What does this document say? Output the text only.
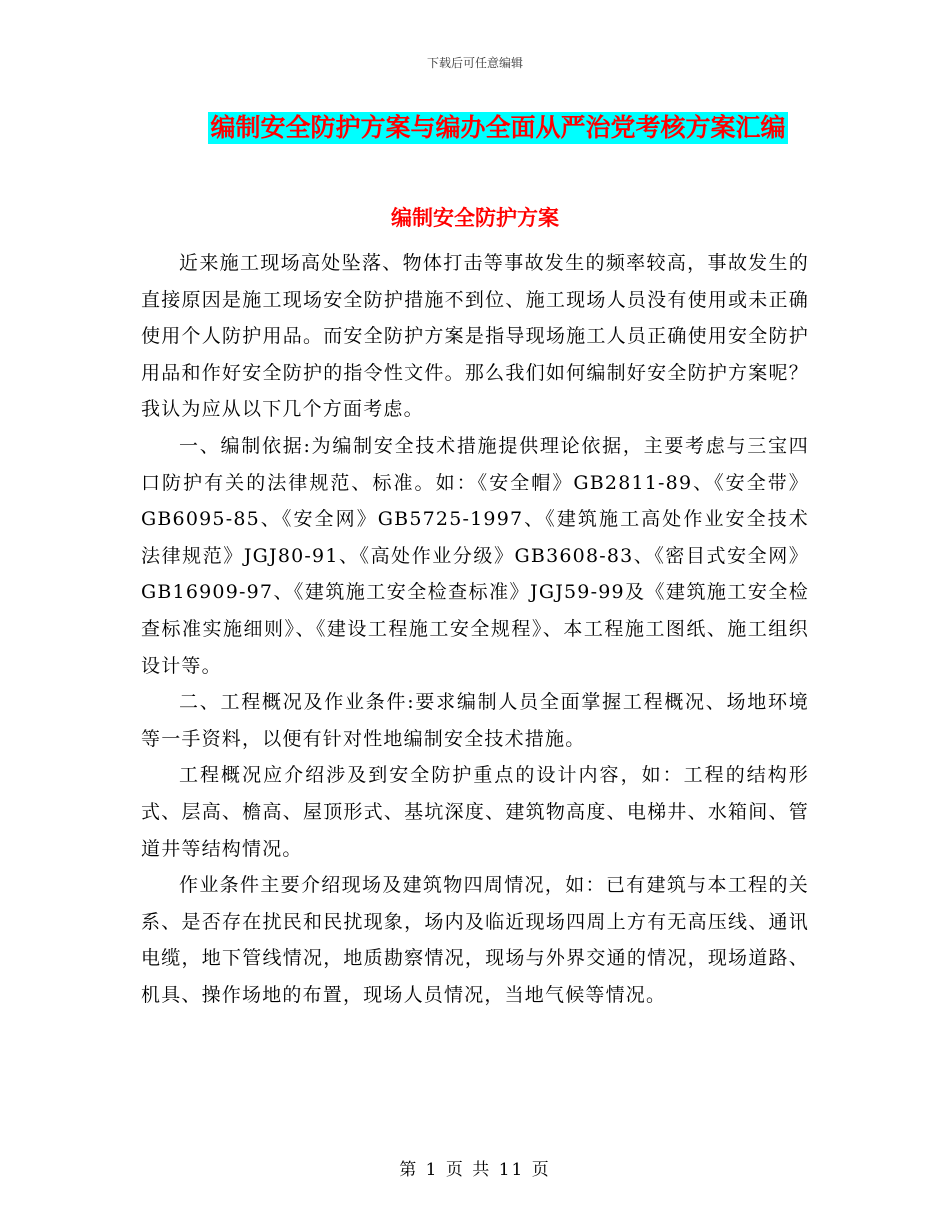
下载后可任意编辑
编制安全防护方案与编办全面从严治党考核方案汇编
编制安全防护方案

近来施工现场高处坠落、物体打击等事故发生的频率较高，事故发生的直接原因是施工现场安全防护措施不到位、施工现场人员没有使用或未正确使用个人防护用品。而安全防护方案是指导现场施工人员正确使用安全防护用品和作好安全防护的指令性文件。那么我们如何编制好安全防护方案呢？我认为应从以下几个方面考虑。

一、编制依据:为编制安全技术措施提供理论依据，主要考虑与三宝四口防护有关的法律规范、标准。如：《安全帽》GB2811-89、《安全带》GB6095-85、《安全网》GB5725-1997、《建筑施工高处作业安全技术法律规范》JGJ80-91、《高处作业分级》GB3608-83、《密目式安全网》GB16909-97、《建筑施工安全检查标准》JGJ59-99及《建筑施工安全检查标准实施细则》、《建设工程施工安全规程》、本工程施工图纸、施工组织设计等。

二、工程概况及作业条件:要求编制人员全面掌握工程概况、场地环境等一手资料，以便有针对性地编制安全技术措施。

工程概况应介绍涉及到安全防护重点的设计内容，如：工程的结构形式、层高、檐高、屋顶形式、基坑深度、建筑物高度、电梯井、水箱间、管道井等结构情况。

作业条件主要介绍现场及建筑物四周情况，如：已有建筑与本工程的关系、是否存在扰民和民扰现象，场内及临近现场四周上方有无高压线、通讯电缆，地下管线情况，地质勘察情况，现场与外界交通的情况，现场道路、机具、操作场地的布置，现场人员情况，当地气候等情况。

第 1 页 共 11 页
